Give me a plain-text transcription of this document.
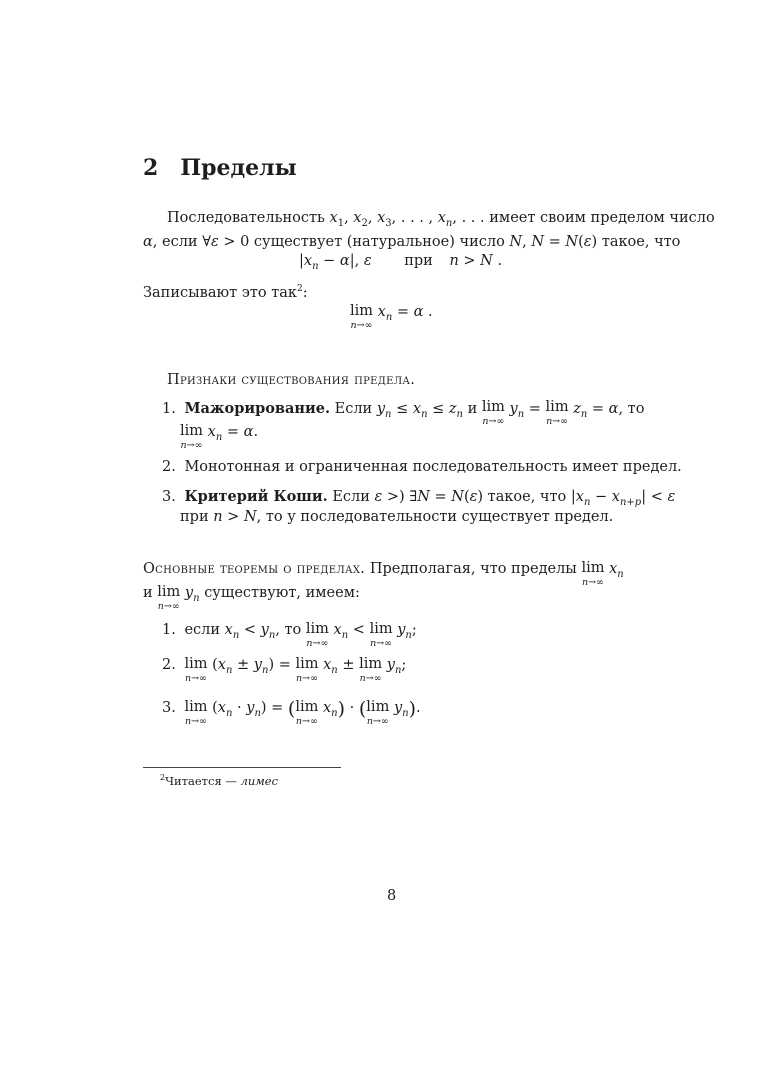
2 Пределы
Последовательность $x_1$, $x_2$, $x_3$, . . . , $x_n$, . . . имеет своим пределом число
α, если ∀ε > 0 существует (натуральное) число N, N = N(ε) такое, что
$|x_n - \alpha|$, ε при n > N .
Записывают это так$^2$:
lim
n→∞
$x_n = \alpha$ .
Признаки существования предела.
1. Мажорирование. Если $y_n \le x_n \le z_n$ и lim
n→∞
$y_n = \lim$
n→∞
$z_n = \alpha$, то
lim
n→∞
$x_n = \alpha$.
2. Монотонная и ограниченная последовательность имеет предел.
3. Критерий Коши. Если ε >) ∃N = N(ε) такое, что $|x_n - x_{n+p}| < \varepsilon$
при n > N, то у последовательности существует предел.
Основные теоремы о пределах. Предполагая, что пределы lim
n→∞
$x_n$
и lim
n→∞
$y_n$ существуют, имеем:
1. если $x_n < y_n$, то lim
n→∞
$x_n < \lim$
n→∞
$y_n$;
2. lim
n→∞
$(x_n \pm y_n) = \lim$
n→∞
$x_n \pm \lim$
n→∞
$y_n$;
3. lim
n→∞
$(x_n \cdot y_n)$ = ( lim
n→∞
$x_n$) · ( lim
n→∞
$y_n$).
$^2$Читается — лимес
8
